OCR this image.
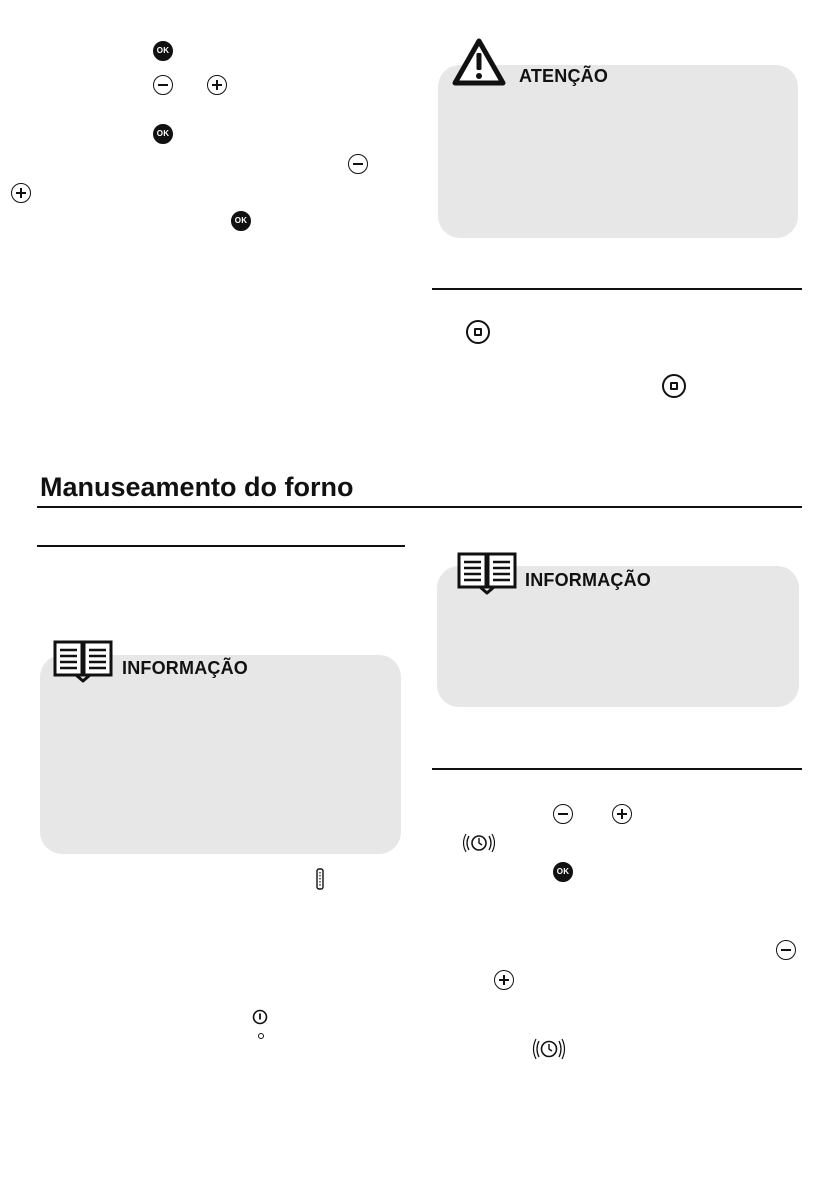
OK
OK
OK
ATENÇÃO
Manuseamento do forno
INFORMAÇÃO
INFORMAÇÃO
OK
